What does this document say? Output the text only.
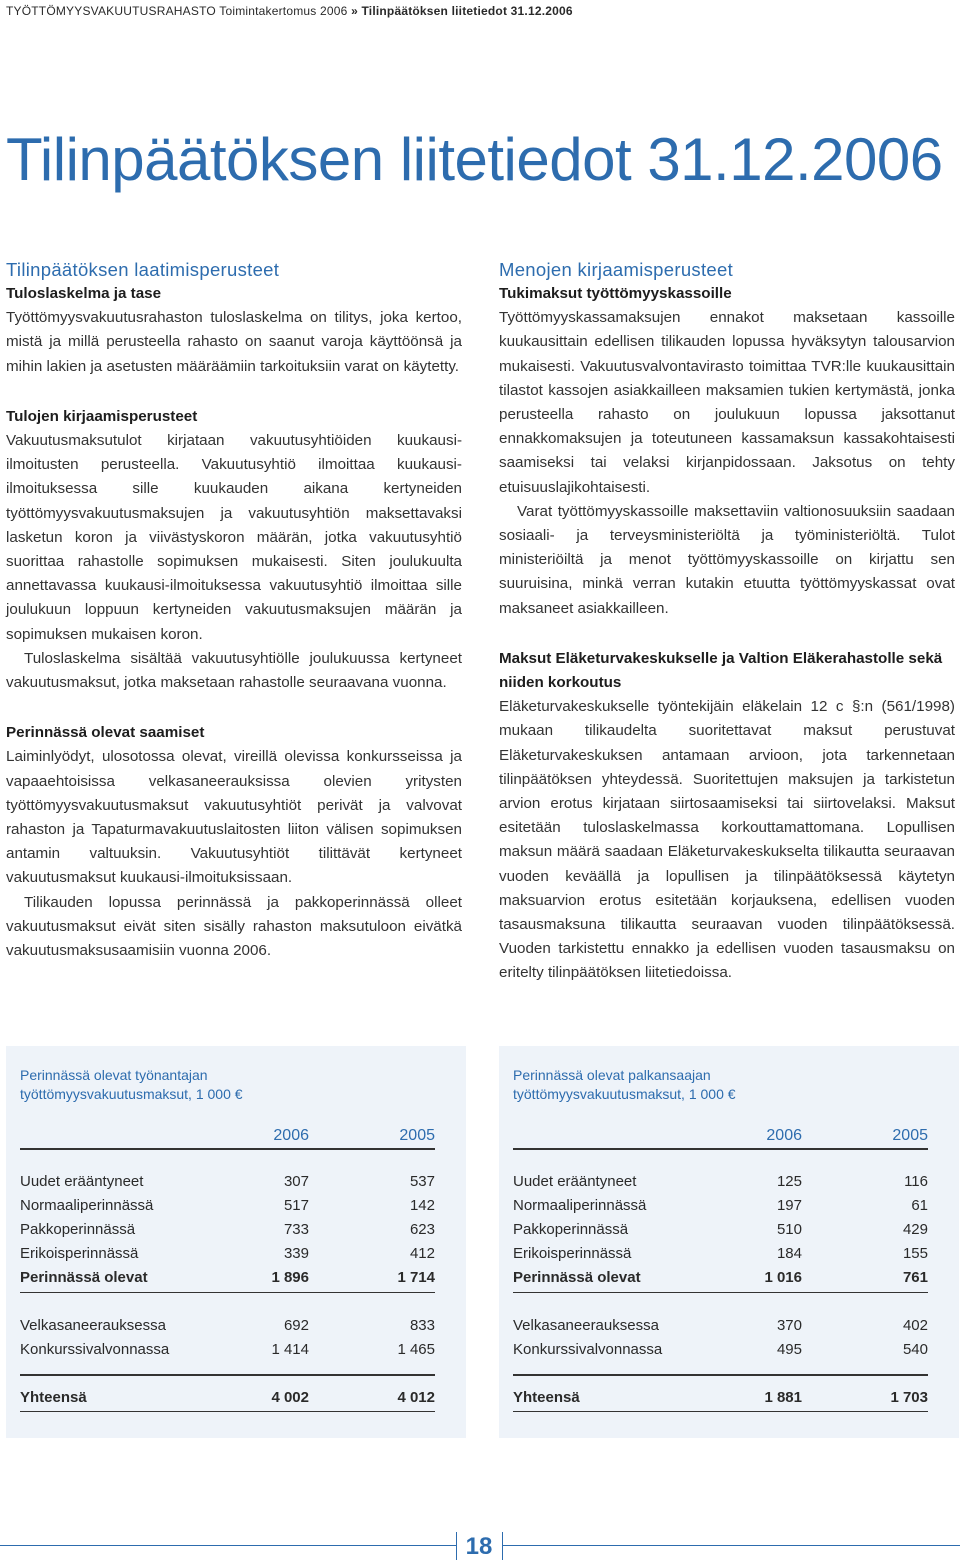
TYÖTTÖMYYSVAKUUTUSRAHASTO Toimintakertomus 2006 » Tilinpäätöksen liitetiedot 31.12.2006
Tilinpäätöksen liitetiedot 31.12.2006
Tilinpäätöksen laatimisperusteet

Tuloslaskelma ja tase

Työttömyysvakuutusrahaston tuloslaskelma on tilitys, joka kertoo, mistä ja millä perusteella rahasto on saanut varoja käyttöönsä ja mihin lakien ja asetusten määräämiin tarkoituksiin varat on käytetty.

Tulojen kirjaamisperusteet

Vakuutusmaksutulot kirjataan vakuutusyhtiöiden kuukausi-ilmoitusten perusteella. Vakuutusyhtiö ilmoittaa kuukausi-ilmoituksessa sille kuukauden aikana kertyneiden työttömyysvakuutusmaksujen ja vakuutusyhtiön maksettavaksi lasketun koron ja viivästyskoron määrän, jotka vakuutusyhtiö suorittaa rahastolle sopimuksen mukaisesti. Siten joulukuulta annettavassa kuukausi-ilmoituksessa vakuutusyhtiö ilmoittaa sille joulukuun loppuun kertyneiden vakuutusmaksujen määrän ja sopimuksen mukaisen koron.

Tuloslaskelma sisältää vakuutusyhtiölle joulukuussa kertyneet vakuutusmaksut, jotka maksetaan rahastolle seuraavana vuonna.

Perinnässä olevat saamiset

Laiminlyödyt, ulosotossa olevat, vireillä olevissa konkursseissa ja vapaaehtoisissa velkasaneerauksissa olevien yritysten työttömyysvakuutusmaksut vakuutusyhtiöt perivät ja valvovat rahaston ja Tapaturmavakuutuslaitosten liiton välisen sopimuksen antamin valtuuksin. Vakuutusyhtiöt tilittävät kertyneet vakuutusmaksut kuukausi-ilmoituksissaan.

Tilikauden lopussa perinnässä ja pakkoperinnässä olleet vakuutusmaksut eivät siten sisälly rahaston maksutuloon eivätkä vakuutusmaksusaamisiin vuonna 2006.

Menojen kirjaamisperusteet

Tukimaksut työttömyyskassoille

Työttömyyskassamaksujen ennakot maksetaan kassoille kuukausittain edellisen tilikauden lopussa hyväksytyn talousarvion mukaisesti. Vakuutusvalvontavirasto toimittaa TVR:lle kuukausittain tilastot kassojen asiakkailleen maksamien tukien kertymästä, jonka perusteella rahasto on joulukuun lopussa jaksottanut ennakkomaksujen ja toteutuneen kassamaksun kassakohtaisesti saamiseksi tai velaksi kirjanpidossaan. Jaksotus on tehty etuisuuslajikohtaisesti.

Varat työttömyyskassoille maksettaviin valtionosuuksiin saadaan sosiaali- ja terveysministeriöltä ja työministeriöltä. Tulot ministeriöiltä ja menot työttömyyskassoille on kirjattu sen suuruisina, minkä verran kutakin etuutta työttömyyskassat ovat maksaneet asiakkailleen.

Maksut Eläketurvakeskukselle ja Valtion Eläkerahastolle sekä niiden korkoutus

Eläketurvakeskukselle työntekijäin eläkelain 12 c §:n (561/1998) mukaan tilikaudelta suoritettavat maksut perustuvat Eläketurvakeskuksen antamaan arvioon, jota tarkennetaan tilinpäätöksen yhteydessä. Suoritettujen maksujen ja tarkistetun arvion erotus kirjataan siirtosaamiseksi tai siirtovelaksi. Maksut esitetään tuloslaskelmassa korkouttamattomana. Lopullisen maksun määrä saadaan Eläketurvakeskukselta tilikautta seuraavan vuoden keväällä ja lopullisen ja tilinpäätöksessä käytetyn maksuarvion erotus esitetään korjauksena, edellisen vuoden tasausmaksuna tilikautta seuraavan vuoden tilinpäätöksessä. Vuoden tarkistettu ennakko ja edellisen vuoden tasausmaksu on eritelty tilinpäätöksen liitetiedoissa.

Perinnässä olevat työnantajan
työttömyysvakuutusmaksut, 1 000 €
2006	2005
Uudet erääntyneet	307	537
Normaaliperinnässä	517	142
Pakkoperinnässä	733	623
Erikoisperinnässä	339	412
Perinnässä olevat	1 896	1 714
Velkasaneerauksessa	692	833
Konkurssivalvonnassa	1 414	1 465
Yhteensä	4 002	4 012
Perinnässä olevat palkansaajan
työttömyysvakuutusmaksut, 1 000 €
2006	2005
Uudet erääntyneet	125	116
Normaaliperinnässä	197	61
Pakkoperinnässä	510	429
Erikoisperinnässä	184	155
Perinnässä olevat	1 016	761
Velkasaneerauksessa	370	402
Konkurssivalvonnassa	495	540
Yhteensä	1 881	1 703
18
